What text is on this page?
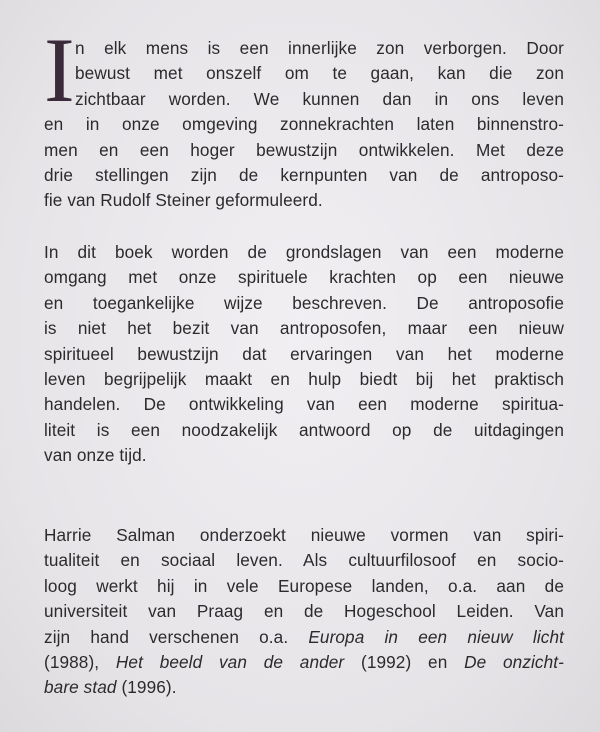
I n elk mens is een innerlijke zon verborgen. Door
bewust met onszelf om te gaan, kan die zon
zichtbaar worden. We kunnen dan in ons leven
en in onze omgeving zonnekrachten laten binnenstro-
men en een hoger bewustzijn ontwikkelen. Met deze
drie stellingen zijn de kernpunten van de antroposo-
fie van Rudolf Steiner geformuleerd.
In dit boek worden de grondslagen van een moderne
omgang met onze spirituele krachten op een nieuwe
en toegankelijke wijze beschreven. De antroposofie
is niet het bezit van antroposofen, maar een nieuw
spiritueel bewustzijn dat ervaringen van het moderne
leven begrijpelijk maakt en hulp biedt bij het praktisch
handelen. De ontwikkeling van een moderne spiritua-
liteit is een noodzakelijk antwoord op de uitdagingen
van onze tijd.
Harrie Salman onderzoekt nieuwe vormen van spiri-
tualiteit en sociaal leven. Als cultuurfilosoof en socio-
loog werkt hij in vele Europese landen, o.a. aan de
universiteit van Praag en de Hogeschool Leiden. Van
zijn hand verschenen o.a. Europa in een nieuw licht
(1988), Het beeld van de ander (1992) en De onzicht-
bare stad (1996).
